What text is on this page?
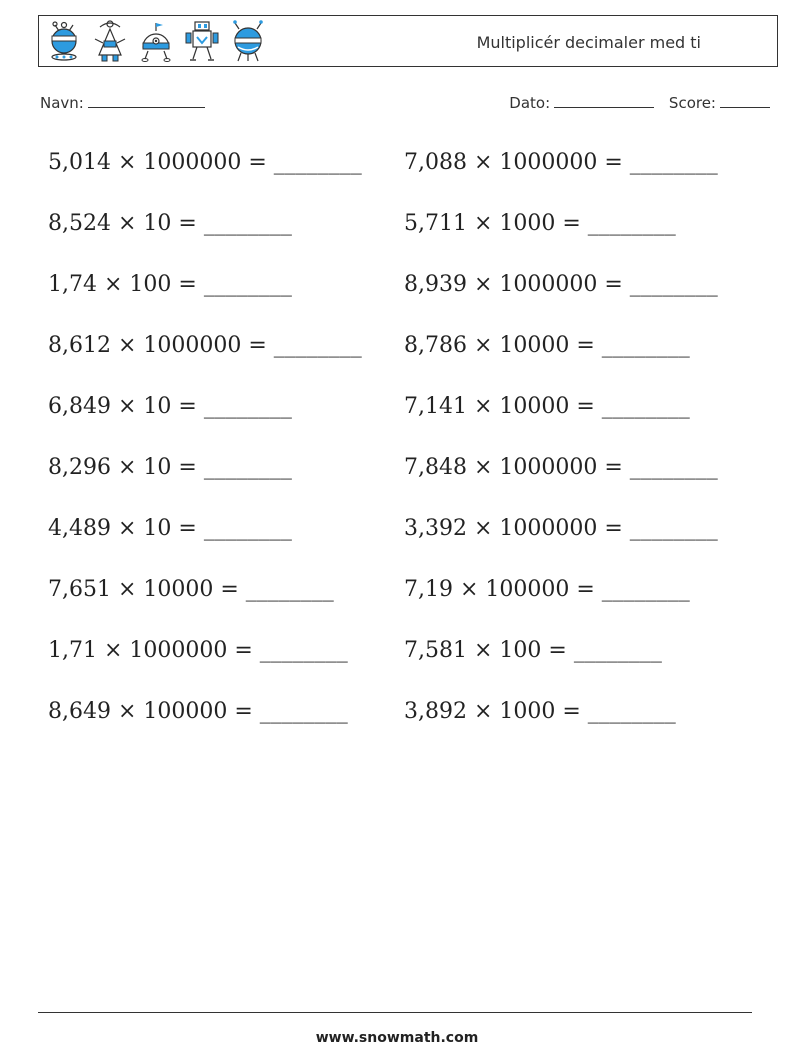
Multiplicér decimaler med ti
Navn:	Dato:	Score:
5,014 × 1000000 = ________	7,088 × 1000000 = ________
8,524 × 10 = ________	5,711 × 1000 = ________
1,74 × 100 = ________	8,939 × 1000000 = ________
8,612 × 1000000 = ________	8,786 × 10000 = ________
6,849 × 10 = ________	7,141 × 10000 = ________
8,296 × 10 = ________	7,848 × 1000000 = ________
4,489 × 10 = ________	3,392 × 1000000 = ________
7,651 × 10000 = ________	7,19 × 100000 = ________
1,71 × 1000000 = ________	7,581 × 100 = ________
8,649 × 100000 = ________	3,892 × 1000 = ________
www.snowmath.com
